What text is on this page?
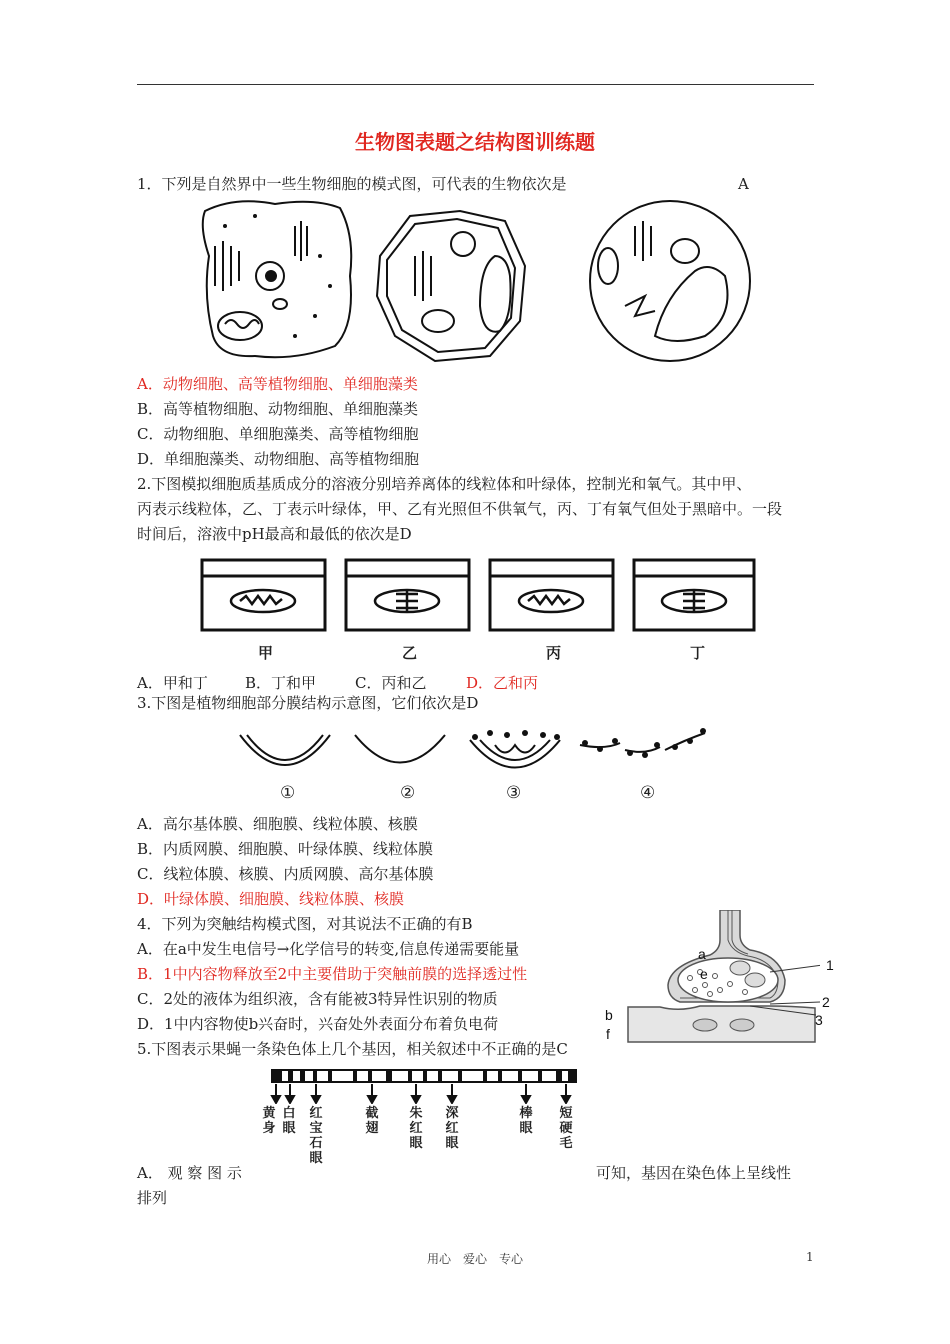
生物图表题之结构图训练题
1．下列是自然界中一些生物细胞的模式图，可代表的生物依次是	A
A．动物细胞、高等植物细胞、单细胞藻类
B．高等植物细胞、动物细胞、单细胞藻类
C．动物细胞、单细胞藻类、高等植物细胞
D．单细胞藻类、动物细胞、高等植物细胞
2.下图模拟细胞质基质成分的溶液分别培养离体的线粒体和叶绿体，控制光和氧气。其中甲、
丙表示线粒体，乙、丁表示叶绿体，甲、乙有光照但不供氧气，丙、丁有氧气但处于黑暗中。一段
时间后，溶液中pH最高和最低的依次是D
甲	乙	丙	丁
A．甲和丁 B．丁和甲	C．丙和乙	D．乙和丙
3.下图是植物细胞部分膜结构示意图，它们依次是D
①	②	③	④
A．高尔基体膜、细胞膜、线粒体膜、核膜
B．内质网膜、细胞膜、叶绿体膜、线粒体膜
C．线粒体膜、核膜、内质网膜、高尔基体膜
D．叶绿体膜、细胞膜、线粒体膜、核膜
4．下列为突触结构模式图，对其说法不正确的有B
A．在a中发生电信号→化学信号的转变,信息传递需要能量
B．1中内容物释放至2中主要借助于突触前膜的选择透过性
C．2处的液体为组织液，含有能被3特异性识别的物质
D．1中内容物使b兴奋时，兴奋处外表面分布着负电荷
a
e
1
2
b	3
f
5.下图表示果蝇一条染色体上几个基因，相关叙述中不正确的是C
黄身
白眼
红宝石眼
截翅
朱红眼
深红眼
棒眼
短硬毛
A． 观 察 图 示	可知，基因在染色体上呈线性
排列
用心　爱心　专心	1
